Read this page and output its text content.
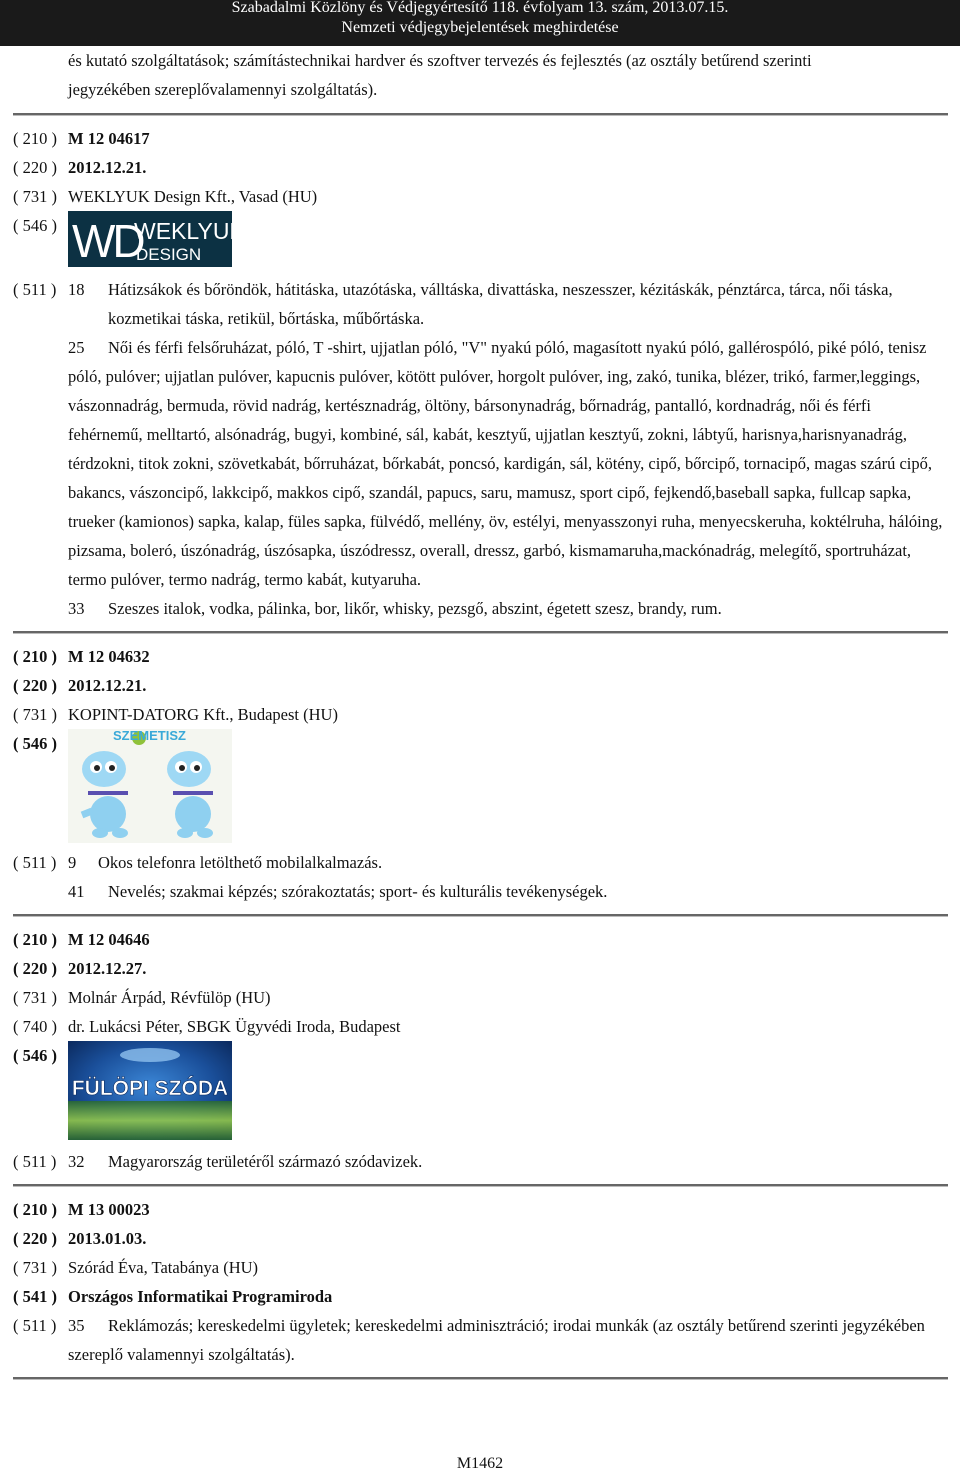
Szabadalmi Közlöny és Védjegyértesítő 118. évfolyam 13. szám, 2013.07.15.
Nemzeti védjegybejelentések meghirdetése
és kutató szolgáltatások; számítástechnikai hardver és szoftver tervezés és fejlesztés (az osztály betűrend szerinti
jegyzékében szereplővalamennyi szolgáltatás).
( 210 ) M 12 04617
( 220 ) 2012.12.21.
( 731 ) WEKLYUK Design Kft., Vasad (HU)
( 546 ) WD
WEKLYUK
DESIGN
( 511 ) 18	Hátizsákok és bőröndök, hátitáska, utazótáska, válltáska, divattáska, neszesszer, kézitáskák, pénztárca, tárca, női táska, kozmetikai táska, retikül, bőrtáska, műbőrtáska.
25	Női és férfi felsőruházat, póló, T -shirt, ujjatlan póló, "V" nyakú póló, magasított nyakú póló, gallérospóló, piké póló, tenisz póló, pulóver; ujjatlan pulóver, kapucnis pulóver, kötött pulóver, horgolt pulóver, ing, zakó, tunika, blézer, trikó, farmer,leggings, vászonnadrág, bermuda, rövid nadrág, kertésznadrág, öltöny, bársonynadrág, bőrnadrág, pantalló, kordnadrág, női és férfi fehérnemű, melltartó, alsónadrág, bugyi, kombiné, sál, kabát, kesztyű, ujjatlan kesztyű, zokni, lábtyű, harisnya,harisnyanadrág, térdzokni, titok zokni, szövetkabát, bőrruházat, bőrkabát, poncsó, kardigán, sál, kötény, cipő, bőrcipő, tornacipő, magas szárú cipő, bakancs, vászoncipő, lakkcipő, makkos cipő, szandál, papucs, saru, mamusz, sport cipő, fejkendő,baseball sapka, fullcap sapka, trueker (kamionos) sapka, kalap, füles sapka, fülvédő, mellény, öv, estélyi, menyasszonyi ruha, menyecskeruha, koktélruha, hálóing, pizsama, boleró, úszónadrág, úszósapka, úszódressz, overall, dressz, garbó, kismamaruha,mackónadrág, melegítő, sportruházat, termo pulóver, termo nadrág, termo kabát, kutyaruha.
33	Szeszes italok, vodka, pálinka, bor, likőr, whisky, pezsgő, abszint, égetett szesz, brandy, rum.
( 210 ) M 12 04632
( 220 ) 2012.12.21.
( 731 ) KOPINT-DATORG Kft., Budapest (HU)
( 546 )	SZEMETISZ
( 511 ) 9	Okos telefonra letölthető mobilalkalmazás.
41	Nevelés; szakmai képzés; szórakoztatás; sport- és kulturális tevékenységek.
( 210 ) M 12 04646
( 220 ) 2012.12.27.
( 731 ) Molnár Árpád, Révfülöp (HU)
( 740 ) dr. Lukácsi Péter, SBGK Ügyvédi Iroda, Budapest
( 546 )
FÜLÖPI SZÓDA
( 511 ) 32	Magyarország területéről származó szódavizek.
( 210 ) M 13 00023
( 220 ) 2013.01.03.
( 731 ) Szórád Éva, Tatabánya (HU)
( 541 ) Országos Informatikai Programiroda
( 511 ) 35	Reklámozás; kereskedelmi ügyletek; kereskedelmi adminisztráció; irodai munkák (az osztály betűrend szerinti jegyzékében szereplő valamennyi szolgáltatás).
M1462
